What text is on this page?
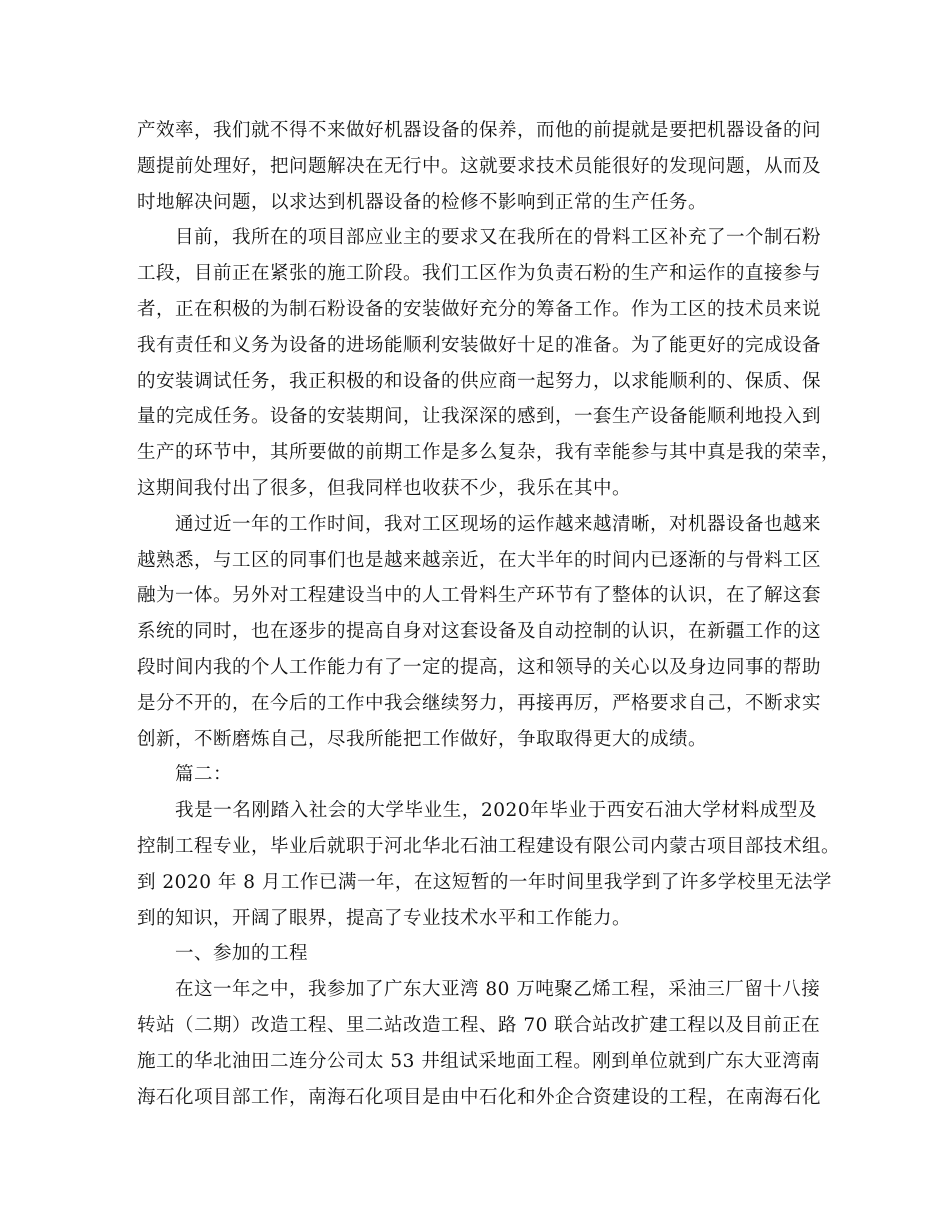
产效率，我们就不得不来做好机器设备的保养，而他的前提就是要把机器设备的问
题提前处理好，把问题解决在无行中。这就要求技术员能很好的发现问题，从而及
时地解决问题，以求达到机器设备的检修不影响到正常的生产任务。
目前，我所在的项目部应业主的要求又在我所在的骨料工区补充了一个制石粉
工段，目前正在紧张的施工阶段。我们工区作为负责石粉的生产和运作的直接参与
者，正在积极的为制石粉设备的安装做好充分的筹备工作。作为工区的技术员来说
我有责任和义务为设备的进场能顺利安装做好十足的准备。为了能更好的完成设备
的安装调试任务，我正积极的和设备的供应商一起努力，以求能顺利的、保质、保
量的完成任务。设备的安装期间，让我深深的感到，一套生产设备能顺利地投入到
生产的环节中，其所要做的前期工作是多么复杂，我有幸能参与其中真是我的荣幸，
这期间我付出了很多，但我同样也收获不少，我乐在其中。
通过近一年的工作时间，我对工区现场的运作越来越清晰，对机器设备也越来
越熟悉，与工区的同事们也是越来越亲近，在大半年的时间内已逐渐的与骨料工区
融为一体。另外对工程建设当中的人工骨料生产环节有了整体的认识，在了解这套
系统的同时，也在逐步的提高自身对这套设备及自动控制的认识，在新疆工作的这
段时间内我的个人工作能力有了一定的提高，这和领导的关心以及身边同事的帮助
是分不开的，在今后的工作中我会继续努力，再接再厉，严格要求自己，不断求实
创新，不断磨炼自己，尽我所能把工作做好，争取取得更大的成绩。
篇二：
我是一名刚踏入社会的大学毕业生，2020年毕业于西安石油大学材料成型及
控制工程专业，毕业后就职于河北华北石油工程建设有限公司内蒙古项目部技术组。
到 2020 年 8 月工作已满一年，在这短暂的一年时间里我学到了许多学校里无法学
到的知识，开阔了眼界，提高了专业技术水平和工作能力。
一、参加的工程
在这一年之中，我参加了广东大亚湾 80 万吨聚乙烯工程，采油三厂留十八接
转站（二期）改造工程、里二站改造工程、路 70 联合站改扩建工程以及目前正在
施工的华北油田二连分公司太 53 井组试采地面工程。刚到单位就到广东大亚湾南
海石化项目部工作，南海石化项目是由中石化和外企合资建设的工程，在南海石化
